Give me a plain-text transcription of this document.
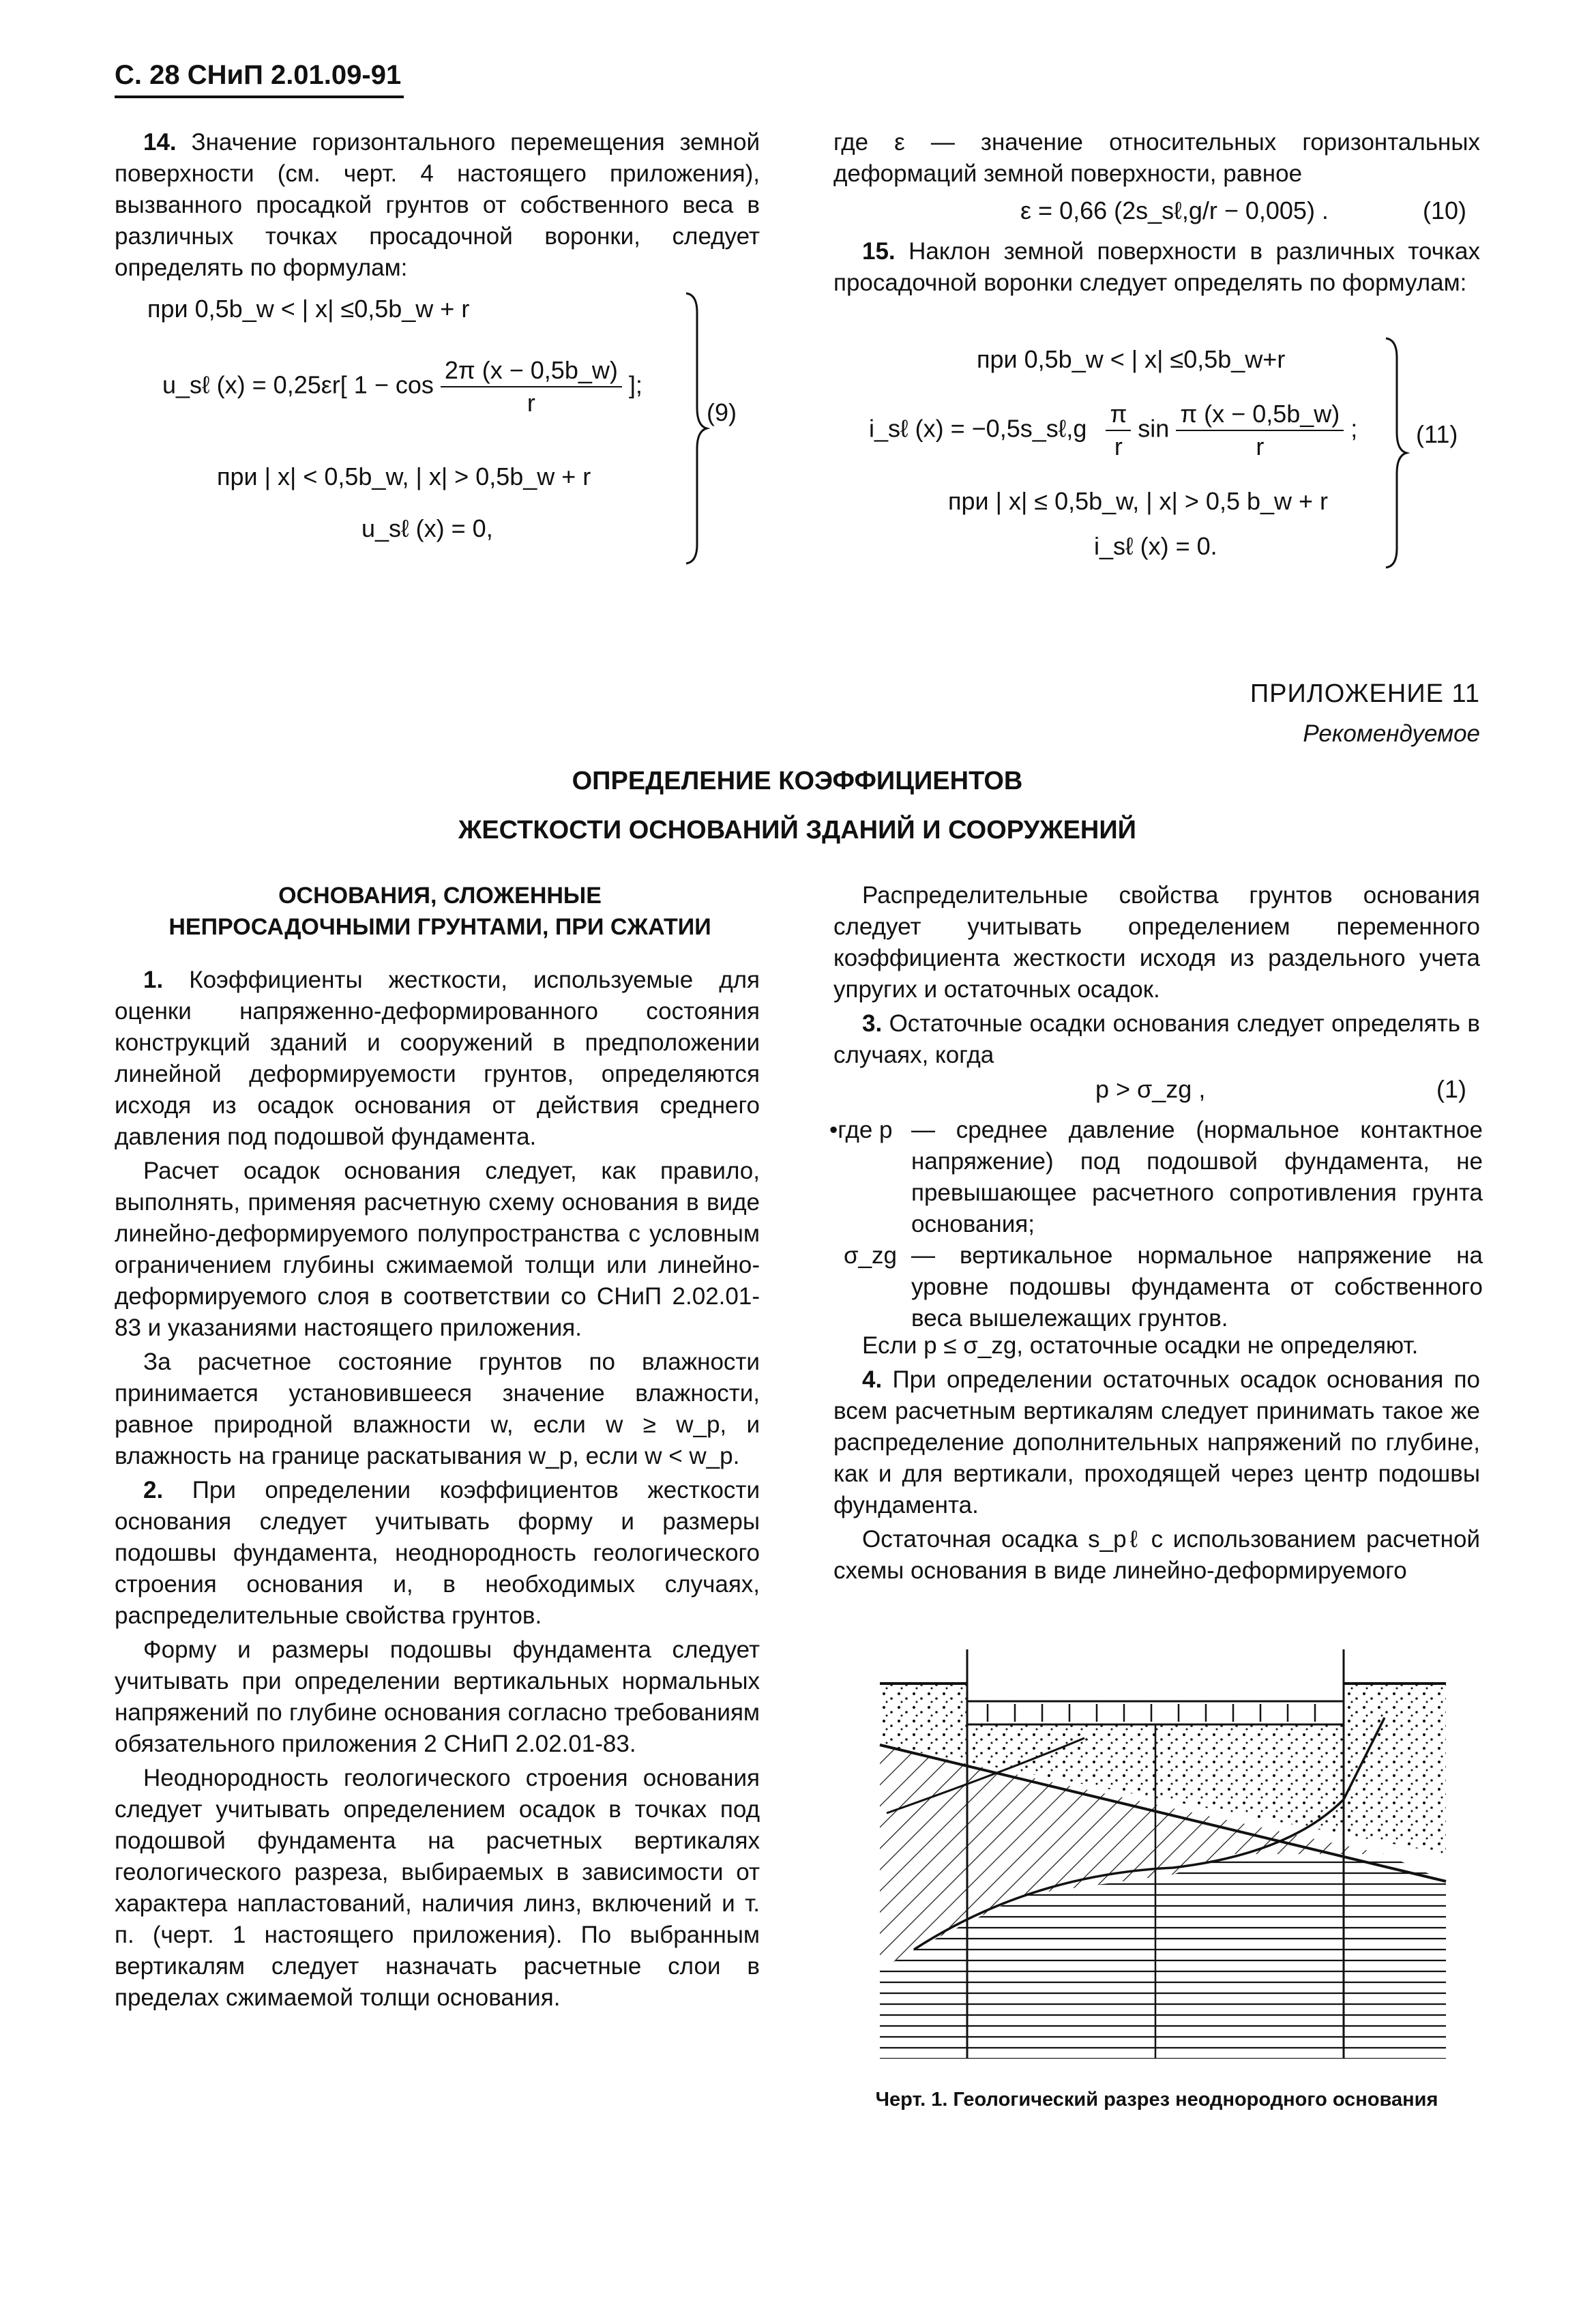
С. 28 СНиП 2.01.09-91

14. Значение горизонтального перемещения земной поверхности (см. черт. 4 настоящего приложения), вызванного просадкой грунтов от собственного веса в различных точках просадочной воронки, следует определять по формулам:

при 0,5b_w < | x| ≤0,5b_w + r
u_sℓ (x) = 0,25εr[ $1 - \cos \frac{2\pi (x - 0,5b\_w)}{r}$ ];
при | x| < 0,5b_w, | x| > 0,5b_w + r
u_sℓ (x) = 0,
(9)

где ε — значение относительных горизонтальных деформаций земной поверхности, равное

ε = 0,66 (2s_sℓ,g/r − 0,005) .	(10)

15. Наклон земной поверхности в различных точках просадочной воронки следует определять по формулам:

при 0,5b_w < | x| ≤0,5b_w+r
i_sℓ (x) = −0,5s_sℓ,g $\frac{\pi}{r}$ $\sin \frac{\pi (x - 0,5b\_w)}{r}$ ;
при | x| ≤ 0,5b_w, | x| > 0,5 b_w + r
i_sℓ (x) = 0.
(11)
ПРИЛОЖЕНИЕ 11
Рекомендуемое
ОПРЕДЕЛЕНИЕ КОЭФФИЦИЕНТОВ
ЖЕСТКОСТИ ОСНОВАНИЙ ЗДАНИЙ И СООРУЖЕНИЙ
ОСНОВАНИЯ, СЛОЖЕННЫЕ НЕПРОСАДОЧНЫМИ ГРУНТАМИ, ПРИ СЖАТИИ

1. Коэффициенты жесткости, используемые для оценки напряженно-деформированного состояния конструкций зданий и сооружений в предположении линейной деформируемости грунтов, определяются исходя из осадок основания от действия среднего давления под подошвой фундамента.

Расчет осадок основания следует, как правило, выполнять, применяя расчетную схему основания в виде линейно-деформируемого полупространства с условным ограничением глубины сжимаемой толщи или линейно-деформируемого слоя в соответствии со СНиП 2.02.01-83 и указаниями настоящего приложения.

За расчетное состояние грунтов по влажности принимается установившееся значение влажности, равное природной влажности w, если w ≥ w_p, и влажность на границе раскатывания w_p, если w < w_p.

2. При определении коэффициентов жесткости основания следует учитывать форму и размеры подошвы фундамента, неоднородность геологического строения основания и, в необходимых случаях, распределительные свойства грунтов.

Форму и размеры подошвы фундамента следует учитывать при определении вертикальных нормальных напряжений по глубине основания согласно требованиям обязательного приложения 2 СНиП 2.02.01-83.

Неоднородность геологического строения основания следует учитывать определением осадок в точках под подошвой фундамента на расчетных вертикалях геологического разреза, выбираемых в зависимости от характера напластований, наличия линз, включений и т. п. (черт. 1 настоящего приложения). По выбранным вертикалям следует назначать расчетные слои в пределах сжимаемой толщи основания.

Распределительные свойства грунтов основания следует учитывать определением переменного коэффициента жесткости исходя из раздельного учета упругих и остаточных осадок.

3. Остаточные осадки основания следует определять в случаях, когда

p > σ_zg ,	(1)
•где p	— среднее давление (нормальное контактное напряжение) под подошвой фундамента, не превышающее расчетного сопротивления грунта основания;
σ_zg	— вертикальное нормальное напряжение на уровне подошвы фундамента от собственного веса вышележащих грунтов.

Если p ≤ σ_zg, остаточные осадки не определяют.

4. При определении остаточных осадок основания по всем расчетным вертикалям следует принимать такое же распределение дополнительных напряжений по глубине, как и для вертикали, проходящей через центр подошвы фундамента.

Остаточная осадка s_pℓ с использованием расчетной схемы основания в виде линейно-деформируемого

Черт. 1. Геологический разрез неоднородного основания
